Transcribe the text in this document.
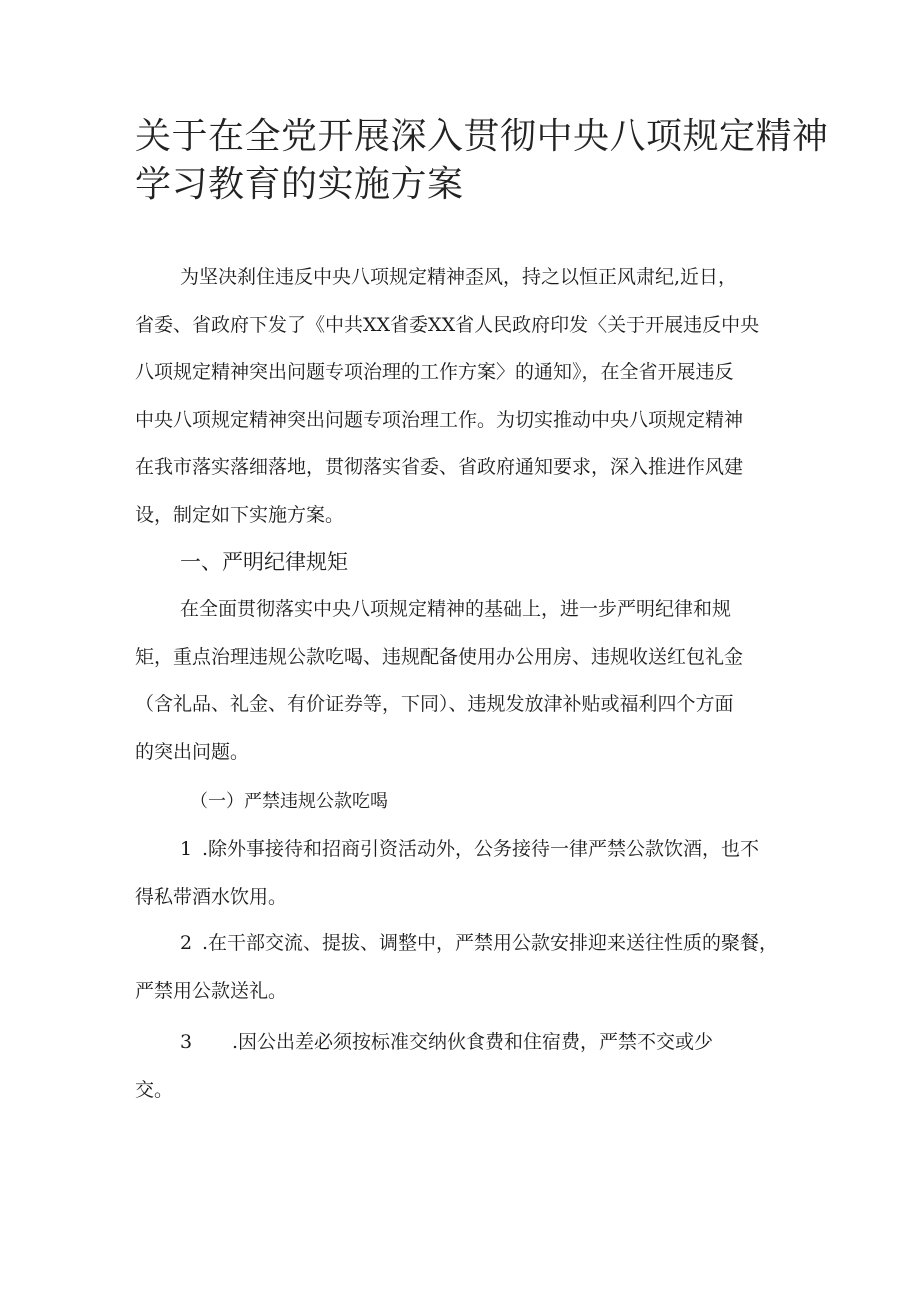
关于在全党开展深入贯彻中央八项规定精神
学习教育的实施方案

为坚决刹住违反中央八项规定精神歪风，持之以恒正风肃纪,近日，
省委、省政府下发了《中共XX省委XX省人民政府印发〈关于开展违反中央
八项规定精神突出问题专项治理的工作方案〉的通知》，在全省开展违反
中央八项规定精神突出问题专项治理工作。为切实推动中央八项规定精神
在我市落实落细落地，贯彻落实省委、省政府通知要求，深入推进作风建
设，制定如下实施方案。

一、严明纪律规矩

在全面贯彻落实中央八项规定精神的基础上，进一步严明纪律和规
矩，重点治理违规公款吃喝、违规配备使用办公用房、违规收送红包礼金
（含礼品、礼金、有价证券等，下同）、违规发放津补贴或福利四个方面
的突出问题。

（一）严禁违规公款吃喝

1 .除外事接待和招商引资活动外，公务接待一律严禁公款饮酒，也不
得私带酒水饮用。

2 .在干部交流、提拔、调整中，严禁用公款安排迎来送往性质的聚餐，
严禁用公款送礼。

3 .因公出差必须按标准交纳伙食费和住宿费，严禁不交或少
交。
